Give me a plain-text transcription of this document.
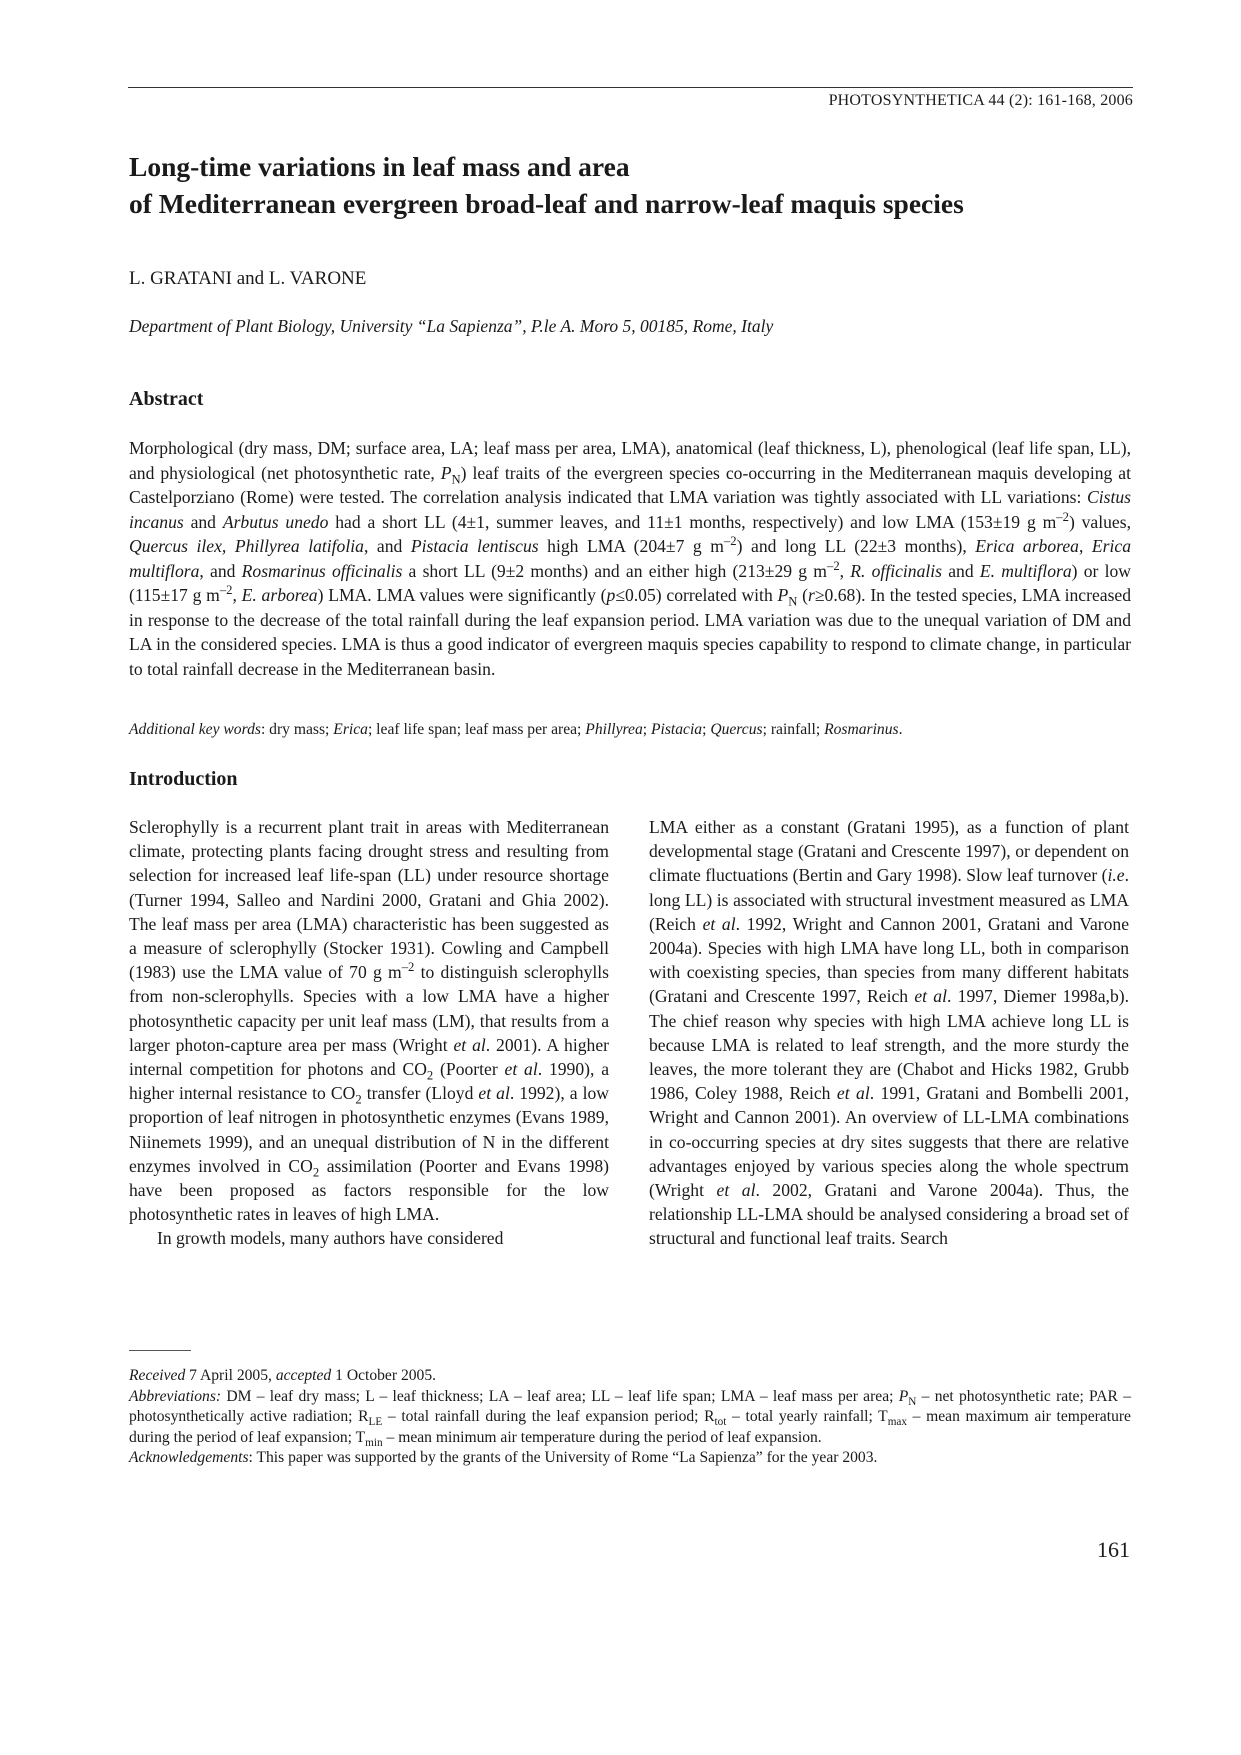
PHOTOSYNTHETICA 44 (2): 161-168, 2006
Long-time variations in leaf mass and area
of Mediterranean evergreen broad-leaf and narrow-leaf maquis species
L. GRATANI and L. VARONE
Department of Plant Biology, University “La Sapienza”, P.le A. Moro 5, 00185, Rome, Italy
Abstract

Morphological (dry mass, DM; surface area, LA; leaf mass per area, LMA), anatomical (leaf thickness, L), phenological (leaf life span, LL), and physiological (net photosynthetic rate, $P_N$) leaf traits of the evergreen species co-occurring in the Mediterranean maquis developing at Castelporziano (Rome) were tested. The correlation analysis indicated that LMA variation was tightly associated with LL variations: Cistus incanus and Arbutus unedo had a short LL (4±1, summer leaves, and 11±1 months, respectively) and low LMA (153±19 g $m^{-2}$) values, Quercus ilex, Phillyrea latifolia, and Pistacia lentiscus high LMA (204±7 g $m^{-2}$) and long LL (22±3 months), Erica arborea, Erica multiflora, and Rosmarinus officinalis a short LL (9±2 months) and an either high (213±29 g $m^{-2}$, R. officinalis and E. multiflora) or low (115±17 g $m^{-2}$, E. arborea) LMA. LMA values were significantly (p≤0.05) correlated with $P_N$ (r≥0.68). In the tested species, LMA increased in response to the decrease of the total rainfall during the leaf expansion period. LMA variation was due to the unequal variation of DM and LA in the considered species. LMA is thus a good indicator of evergreen maquis species capability to respond to climate change, in particular to total rainfall decrease in the Mediterranean basin.

Additional key words: dry mass; Erica; leaf life span; leaf mass per area; Phillyrea; Pistacia; Quercus; rainfall; Rosmarinus.

Introduction

Sclerophylly is a recurrent plant trait in areas with Mediterranean climate, protecting plants facing drought stress and resulting from selection for increased leaf life-span (LL) under resource shortage (Turner 1994, Salleo and Nardini 2000, Gratani and Ghia 2002). The leaf mass per area (LMA) characteristic has been suggested as a measure of sclerophylly (Stocker 1931). Cowling and Campbell (1983) use the LMA value of 70 g $m^{-2}$ to distinguish sclerophylls from non-sclerophylls. Species with a low LMA have a higher photosynthetic capacity per unit leaf mass (LM), that results from a larger photon-capture area per mass (Wright et al. 2001). A higher internal competition for photons and $CO_2$ (Poorter et al. 1990), a higher internal resistance to $CO_2$ transfer (Lloyd et al. 1992), a low proportion of leaf nitrogen in photosynthetic enzymes (Evans 1989, Niinemets 1999), and an unequal distribution of N in the different enzymes involved in $CO_2$ assimilation (Poorter and Evans 1998) have been proposed as factors responsible for the low photosynthetic rates in leaves of high LMA.

In growth models, many authors have considered

LMA either as a constant (Gratani 1995), as a function of plant developmental stage (Gratani and Crescente 1997), or dependent on climate fluctuations (Bertin and Gary 1998). Slow leaf turnover (i.e. long LL) is associated with structural investment measured as LMA (Reich et al. 1992, Wright and Cannon 2001, Gratani and Varone 2004a). Species with high LMA have long LL, both in comparison with coexisting species, than species from many different habitats (Gratani and Crescente 1997, Reich et al. 1997, Diemer 1998a,b). The chief reason why species with high LMA achieve long LL is because LMA is related to leaf strength, and the more sturdy the leaves, the more tolerant they are (Chabot and Hicks 1982, Grubb 1986, Coley 1988, Reich et al. 1991, Gratani and Bombelli 2001, Wright and Cannon 2001). An overview of LL-LMA combinations in co-occurring species at dry sites suggests that there are relative advantages enjoyed by various species along the whole spectrum (Wright et al. 2002, Gratani and Varone 2004a). Thus, the relationship LL-LMA should be analysed considering a broad set of structural and functional leaf traits. Search

Received 7 April 2005, accepted 1 October 2005.

Abbreviations: DM – leaf dry mass; L – leaf thickness; LA – leaf area; LL – leaf life span; LMA – leaf mass per area; $P_N$ – net photosynthetic rate; PAR – photosynthetically active radiation; $R_{LE}$ – total rainfall during the leaf expansion period; $R_{tot}$ – total yearly rainfall; $T_{max}$ – mean maximum air temperature during the period of leaf expansion; $T_{min}$ – mean minimum air temperature during the period of leaf expansion.

Acknowledgements: This paper was supported by the grants of the University of Rome “La Sapienza” for the year 2003.

161
